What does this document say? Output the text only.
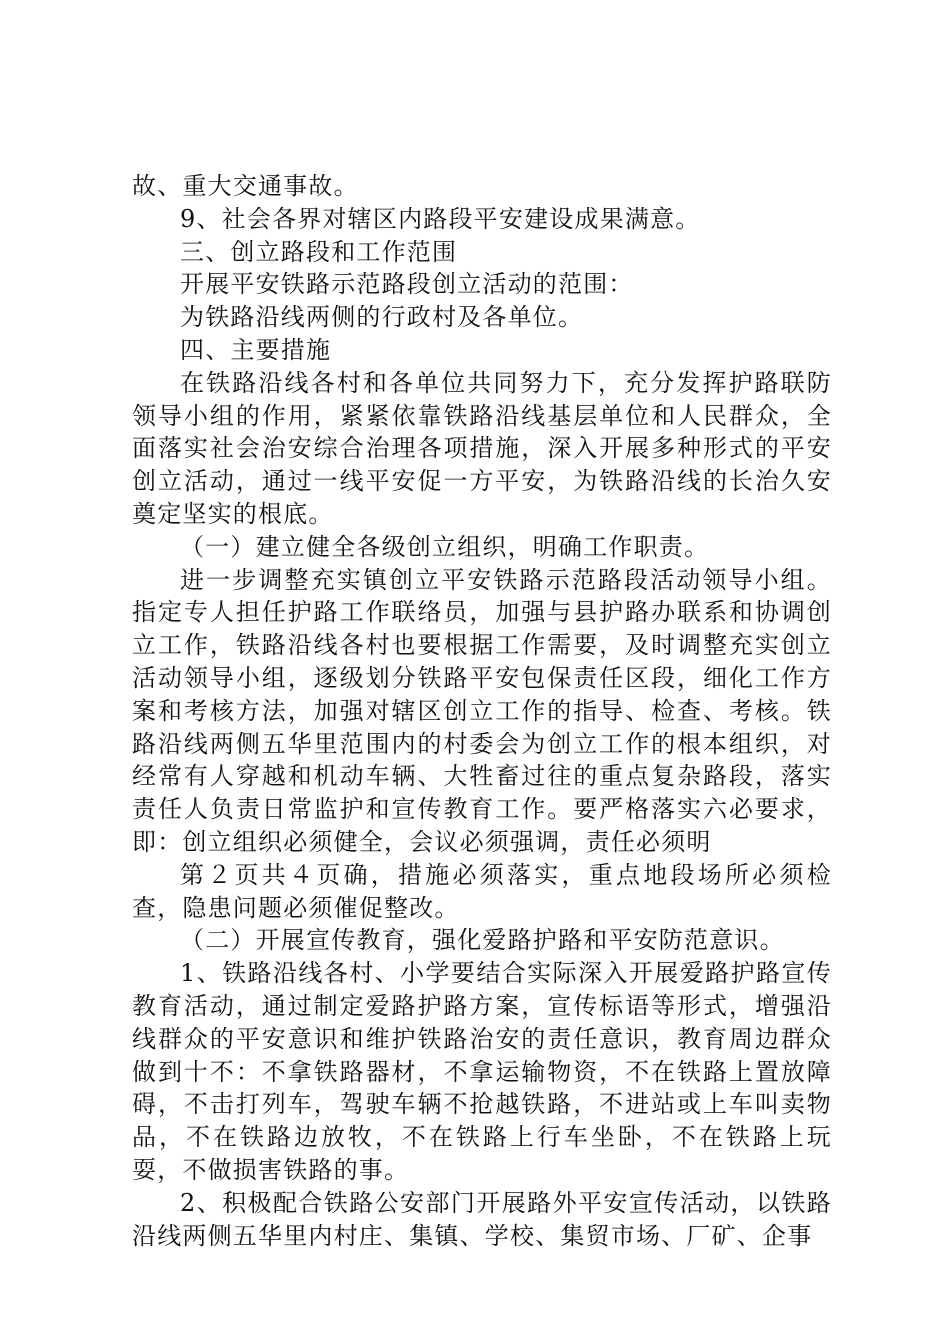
故、重大交通事故。

9、社会各界对辖区内路段平安建设成果满意。

三、创立路段和工作范围

开展平安铁路示范路段创立活动的范围：

为铁路沿线两侧的行政村及各单位。

四、主要措施

在铁路沿线各村和各单位共同努力下，充分发挥护路联防领导小组的作用，紧紧依靠铁路沿线基层单位和人民群众，全面落实社会治安综合治理各项措施，深入开展多种形式的平安创立活动，通过一线平安促一方平安，为铁路沿线的长治久安奠定坚实的根底。

（一）建立健全各级创立组织，明确工作职责。

进一步调整充实镇创立平安铁路示范路段活动领导小组。指定专人担任护路工作联络员，加强与县护路办联系和协调创立工作，铁路沿线各村也要根据工作需要，及时调整充实创立活动领导小组，逐级划分铁路平安包保责任区段，细化工作方案和考核方法，加强对辖区创立工作的指导、检查、考核。铁路沿线两侧五华里范围内的村委会为创立工作的根本组织，对经常有人穿越和机动车辆、大牲畜过往的重点复杂路段，落实责任人负责日常监护和宣传教育工作。要严格落实六必要求，即：创立组织必须健全，会议必须强调，责任必须明

第２页共４页确，措施必须落实，重点地段场所必须检查，隐患问题必须催促整改。

（二）开展宣传教育，强化爱路护路和平安防范意识。

1、铁路沿线各村、小学要结合实际深入开展爱路护路宣传教育活动，通过制定爱路护路方案，宣传标语等形式，增强沿线群众的平安意识和维护铁路治安的责任意识，教育周边群众做到十不：不拿铁路器材，不拿运输物资，不在铁路上置放障碍，不击打列车，驾驶车辆不抢越铁路，不进站或上车叫卖物品，不在铁路边放牧，不在铁路上行车坐卧，不在铁路上玩耍，不做损害铁路的事。

2、积极配合铁路公安部门开展路外平安宣传活动，以铁路沿线两侧五华里内村庄、集镇、学校、集贸市场、厂矿、企事
